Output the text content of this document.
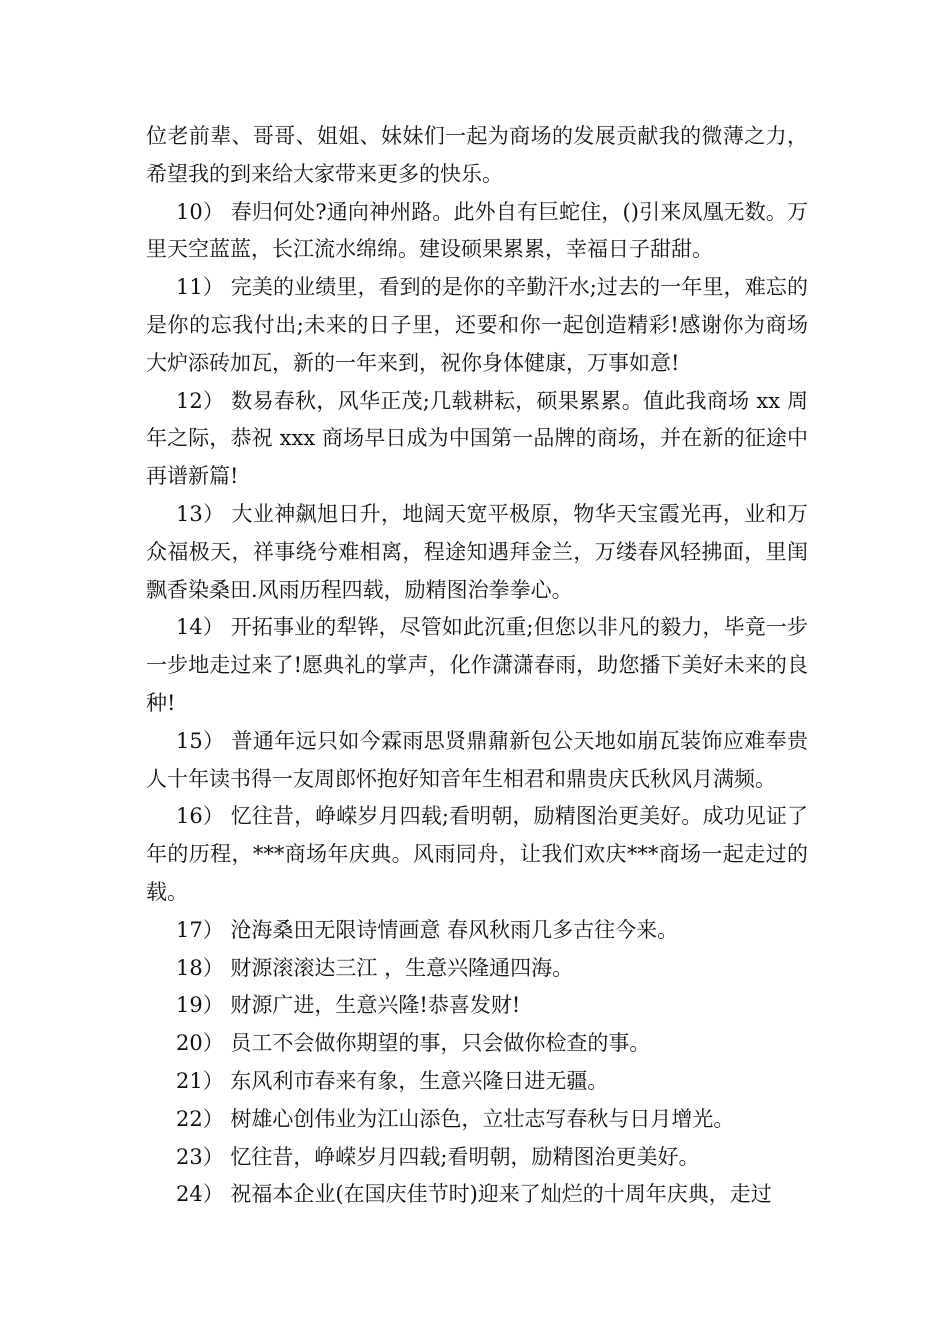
位老前辈、哥哥、姐姐、妹妹们一起为商场的发展贡献我的微薄之力，希望我的到来给大家带来更多的快乐。

10） 春归何处?通向神州路。此外自有巨蛇住，()引来凤凰无数。万里天空蓝蓝，长江流水绵绵。建设硕果累累，幸福日子甜甜。

11） 完美的业绩里，看到的是你的辛勤汗水;过去的一年里，难忘的是你的忘我付出;未来的日子里，还要和你一起创造精彩!感谢你为商场大炉添砖加瓦，新的一年来到，祝你身体健康，万事如意!

12） 数易春秋，风华正茂;几载耕耘，硕果累累。值此我商场 xx 周年之际，恭祝 xxx 商场早日成为中国第一品牌的商场，并在新的征途中再谱新篇!

13） 大业神飙旭日升，地阔天宽平极原，物华天宝霞光再，业和万众福极天，祥事绕兮难相离，程途知遇拜金兰，万缕春风轻拂面，里闺飘香染桑田.风雨历程四载，励精图治拳拳心。

14） 开拓事业的犁铧，尽管如此沉重;但您以非凡的毅力，毕竟一步一步地走过来了!愿典礼的掌声，化作潇潇春雨，助您播下美好未来的良种!

15） 普通年远只如今霖雨思贤鼎鼐新包公天地如崩瓦装饰应难奉贵人十年读书得一友周郎怀抱好知音年生相君和鼎贵庆氏秋风月满频。

16） 忆往昔，峥嵘岁月四载;看明朝，励精图治更美好。成功见证了年的历程，***商场年庆典。风雨同舟，让我们欢庆***商场一起走过的载。

17） 沧海桑田无限诗情画意 春风秋雨几多古往今来。

18） 财源滚滚达三江 ，生意兴隆通四海。

19） 财源广进，生意兴隆!恭喜发财!

20） 员工不会做你期望的事，只会做你检查的事。

21） 东风利市春来有象，生意兴隆日进无疆。

22） 树雄心创伟业为江山添色，立壮志写春秋与日月增光。

23） 忆往昔，峥嵘岁月四载;看明朝，励精图治更美好。

24） 祝福本企业(在国庆佳节时)迎来了灿烂的十周年庆典，走过
